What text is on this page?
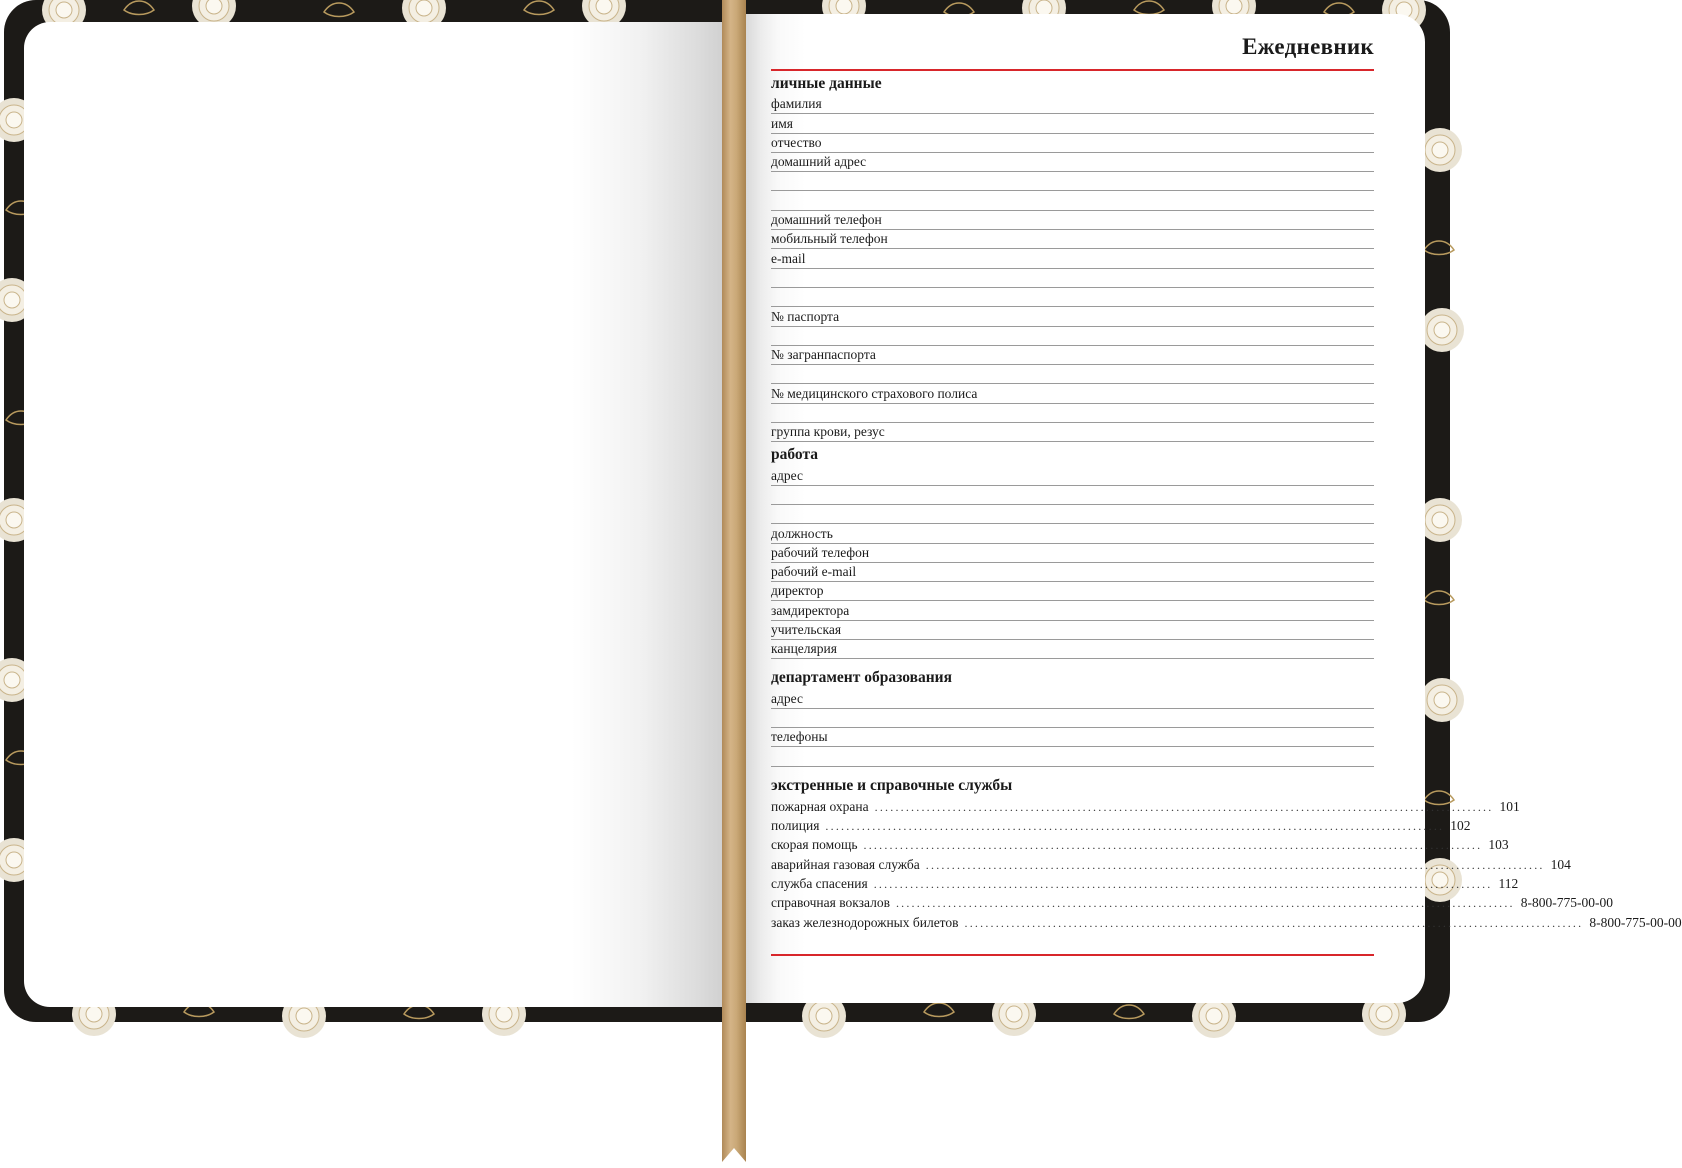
Ежедневник
личные данные
фамилия
имя
отчество
домашний адрес
домашний телефон
мобильный телефон
e-mail
№ паспорта
№ загранпаспорта
№ медицинского страхового полиса
группа крови, резус
работа
адрес
должность
рабочий телефон
рабочий e-mail
директор
замдиректора
учительская
канцелярия
департамент образования
адрес
телефоны
экстренные и справочные службы
пожарная охрана ....................................................................................................................... 101
полиция ....................................................................................................................... 102
скорая помощь ....................................................................................................................... 103
аварийная газовая служба ....................................................................................................................... 104
служба спасения ....................................................................................................................... 112
справочная вокзалов ....................................................................................................................... 8-800-775-00-00
заказ железнодорожных билетов ....................................................................................................................... 8-800-775-00-00
